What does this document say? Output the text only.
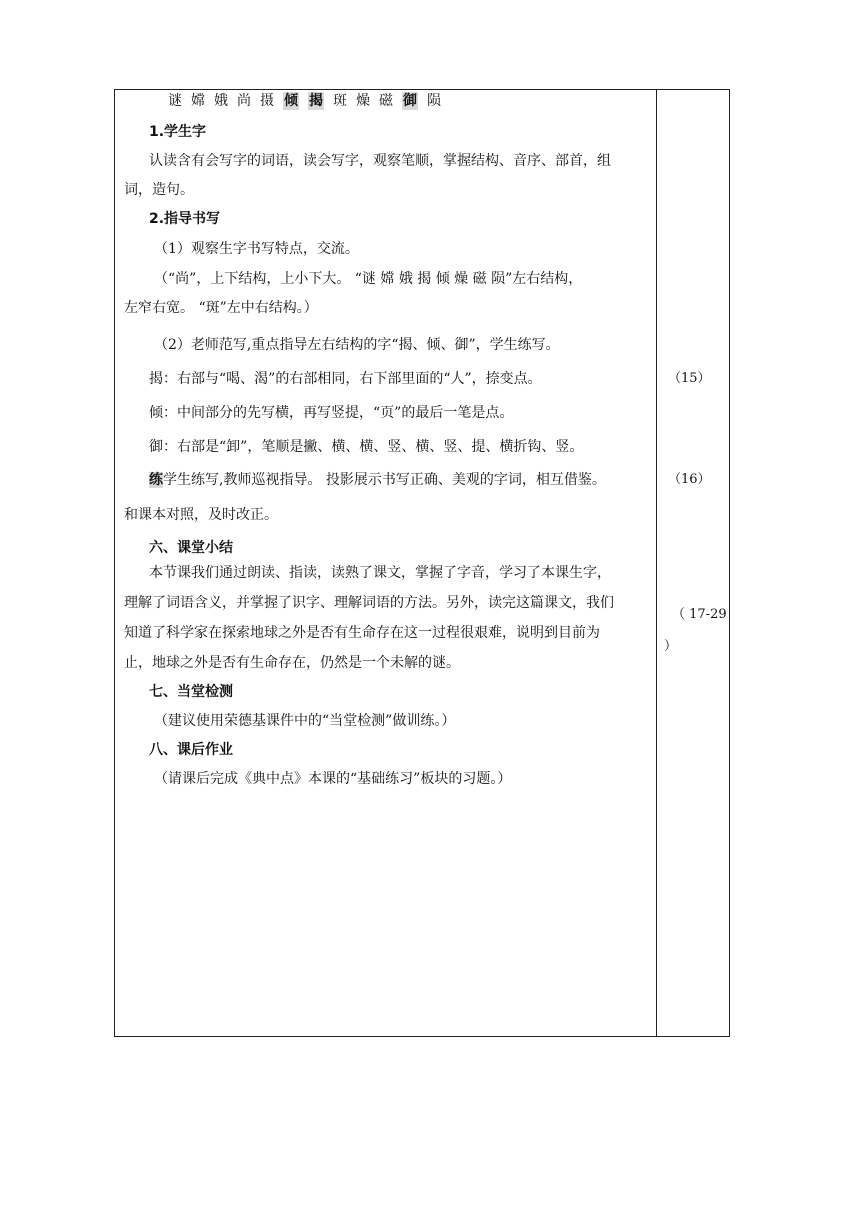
谜 嫦 娥 尚 摄 倾 揭 斑 燥 磁 御 陨
1.学生字
认读含有会写字的词语，读会写字，观察笔顺，掌握结构、音序、部首，组
词，造句。
2.指导书写
（1）观察生字书写特点，交流。
（“尚”，上下结构，上小下大。 “谜 嫦 娥 揭 倾 燥 磁 陨”左右结构，
左窄右宽。 “斑”左中右结构。）
（2）老师范写,重点指导左右结构的字“揭、倾、御”，学生练写。
揭：右部与“喝、渴”的右部相同，右下部里面的“人”，捺变点。
倾：中间部分的先写横，再写竖提，“页”的最后一笔是点。
御：右部是“卸”，笔顺是撇、横、横、竖、横、竖、提、横折钩、竖。
练学生练写,教师巡视指导。 投影展示书写正确、美观的字词，相互借鉴。
和课本对照，及时改正。
六、课堂小结
本节课我们通过朗读、指读，读熟了课文，掌握了字音，学习了本课生字，
理解了词语含义，并掌握了识字、理解词语的方法。另外，读完这篇课文，我们
知道了科学家在探索地球之外是否有生命存在这一过程很艰难，说明到目前为
止，地球之外是否有生命存在，仍然是一个未解的谜。
七、当堂检测
（建议使用荣德基课件中的“当堂检测”做训练。）
八、课后作业
（请课后完成《典中点》本课的“基础练习”板块的习题。）
（15）
（16）
（ 17-29
）
